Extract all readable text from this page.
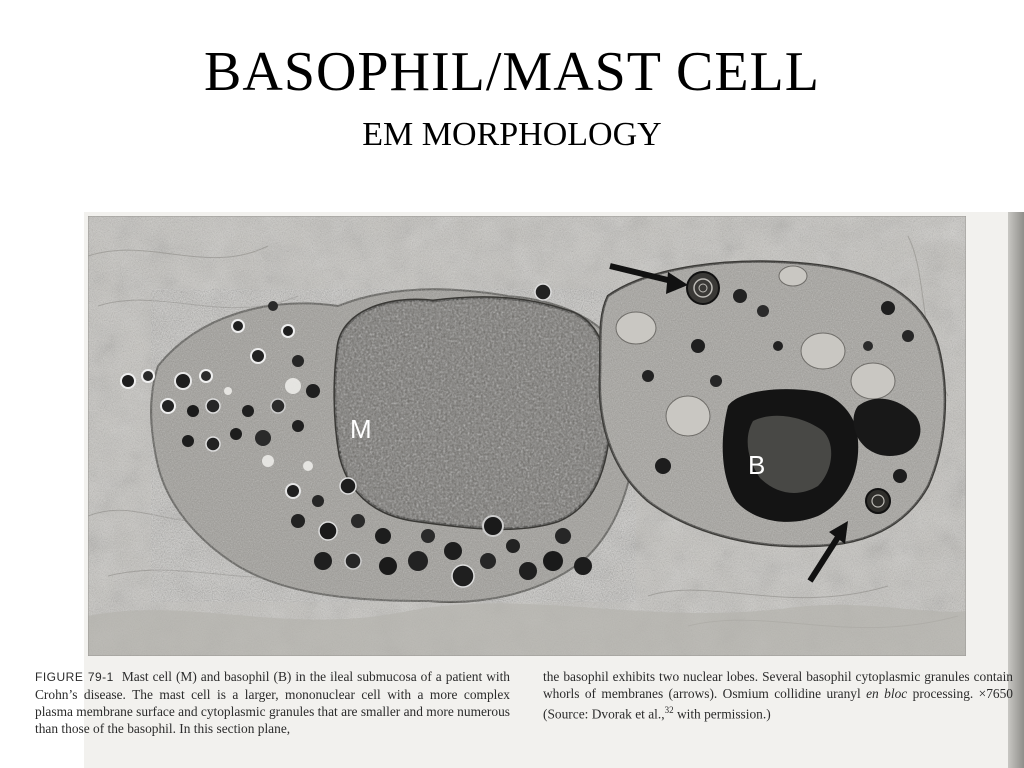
BASOPHIL/MAST CELL
EM MORPHOLOGY
M
B
FIGURE 79-1 Mast cell (M) and basophil (B) in the ileal submucosa of a patient with Crohn’s disease. The mast cell is a larger, mononuclear cell with a more complex plasma membrane surface and cytoplasmic granules that are smaller and more numerous than those of the basophil. In this section plane,
the basophil exhibits two nuclear lobes. Several basophil cytoplasmic granules contain whorls of membranes (arrows). Osmium collidine uranyl en bloc processing. ×7650 (Source: Dvorak et al.,$^{32}$ with permission.)
